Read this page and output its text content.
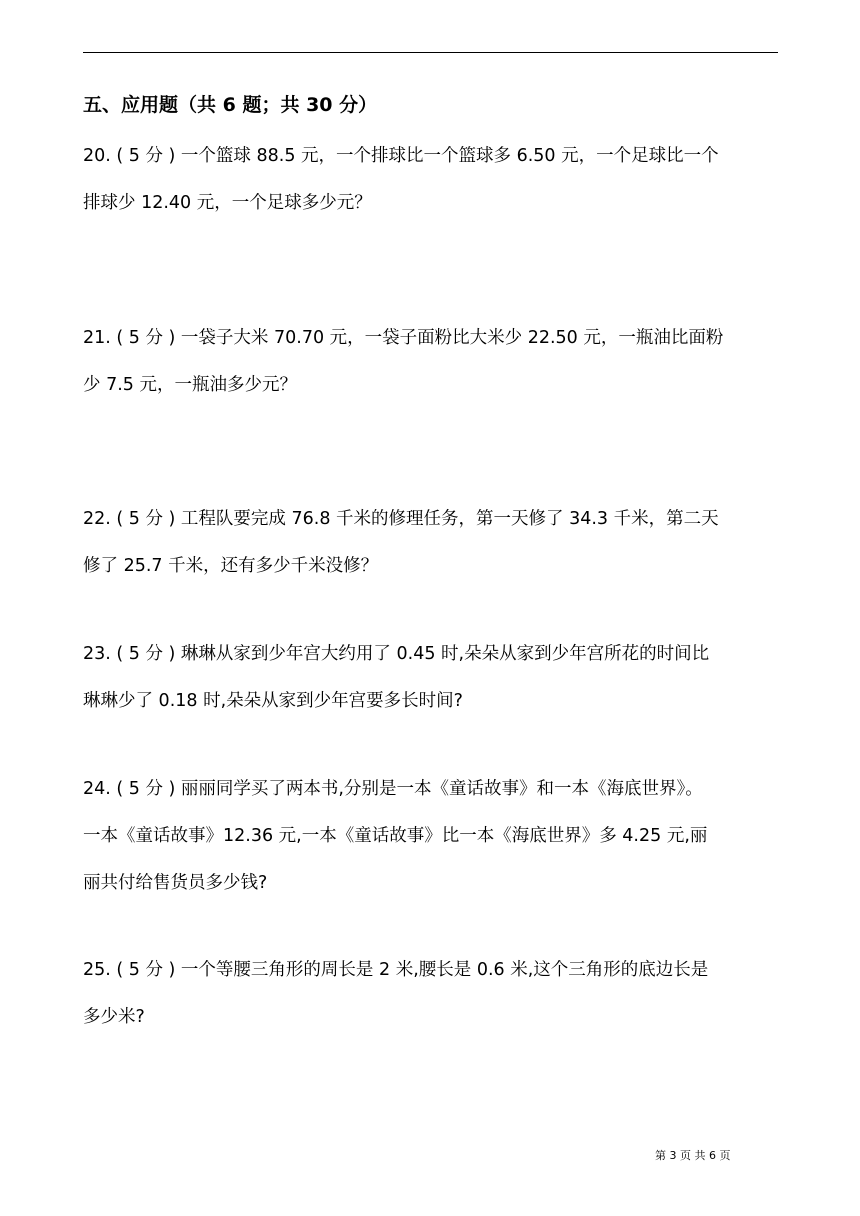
五、应用题（共 6 题；共 30 分）
20. ( 5 分 ) 一个篮球 88.5 元，一个排球比一个篮球多 6.50 元，一个足球比一个
排球少 12.40 元，一个足球多少元？
21. ( 5 分 ) 一袋子大米 70.70 元，一袋子面粉比大米少 22.50 元，一瓶油比面粉
少 7.5 元，一瓶油多少元？
22. ( 5 分 ) 工程队要完成 76.8 千米的修理任务，第一天修了 34.3 千米，第二天
修了 25.7 千米，还有多少千米没修？
23. ( 5 分 ) 琳琳从家到少年宫大约用了 0.45 时,朵朵从家到少年宫所花的时间比
琳琳少了 0.18 时,朵朵从家到少年宫要多长时间?
24. ( 5 分 ) 丽丽同学买了两本书,分别是一本《童话故事》和一本《海底世界》。
一本《童话故事》12.36 元,一本《童话故事》比一本《海底世界》多 4.25 元,丽
丽共付给售货员多少钱?
25. ( 5 分 ) 一个等腰三角形的周长是 2 米,腰长是 0.6 米,这个三角形的底边长是
多少米?
第 3 页 共 6 页
